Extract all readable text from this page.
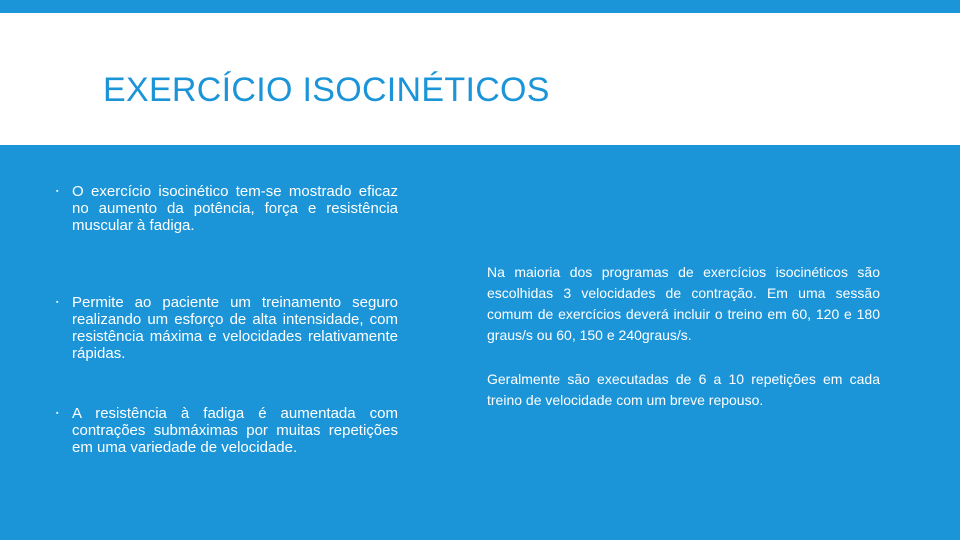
EXERCÍCIO ISOCINÉTICOS
▪ O exercício isocinético tem-se mostrado eficaz no aumento da potência, força e resistência muscular à fadiga.
▪ Permite ao paciente um treinamento seguro realizando um esforço de alta intensidade, com resistência máxima e velocidades relativamente rápidas.
▪ A resistência à fadiga é aumentada com contrações submáximas por muitas repetições em uma variedade de velocidade.

Na maioria dos programas de exercícios isocinéticos são escolhidas 3 velocidades de contração. Em uma sessão comum de exercícios deverá incluir o treino em 60, 120 e 180 graus/s ou 60, 150 e 240graus/s.

Geralmente são executadas de 6 a 10 repetições em cada treino de velocidade com um breve repouso.
